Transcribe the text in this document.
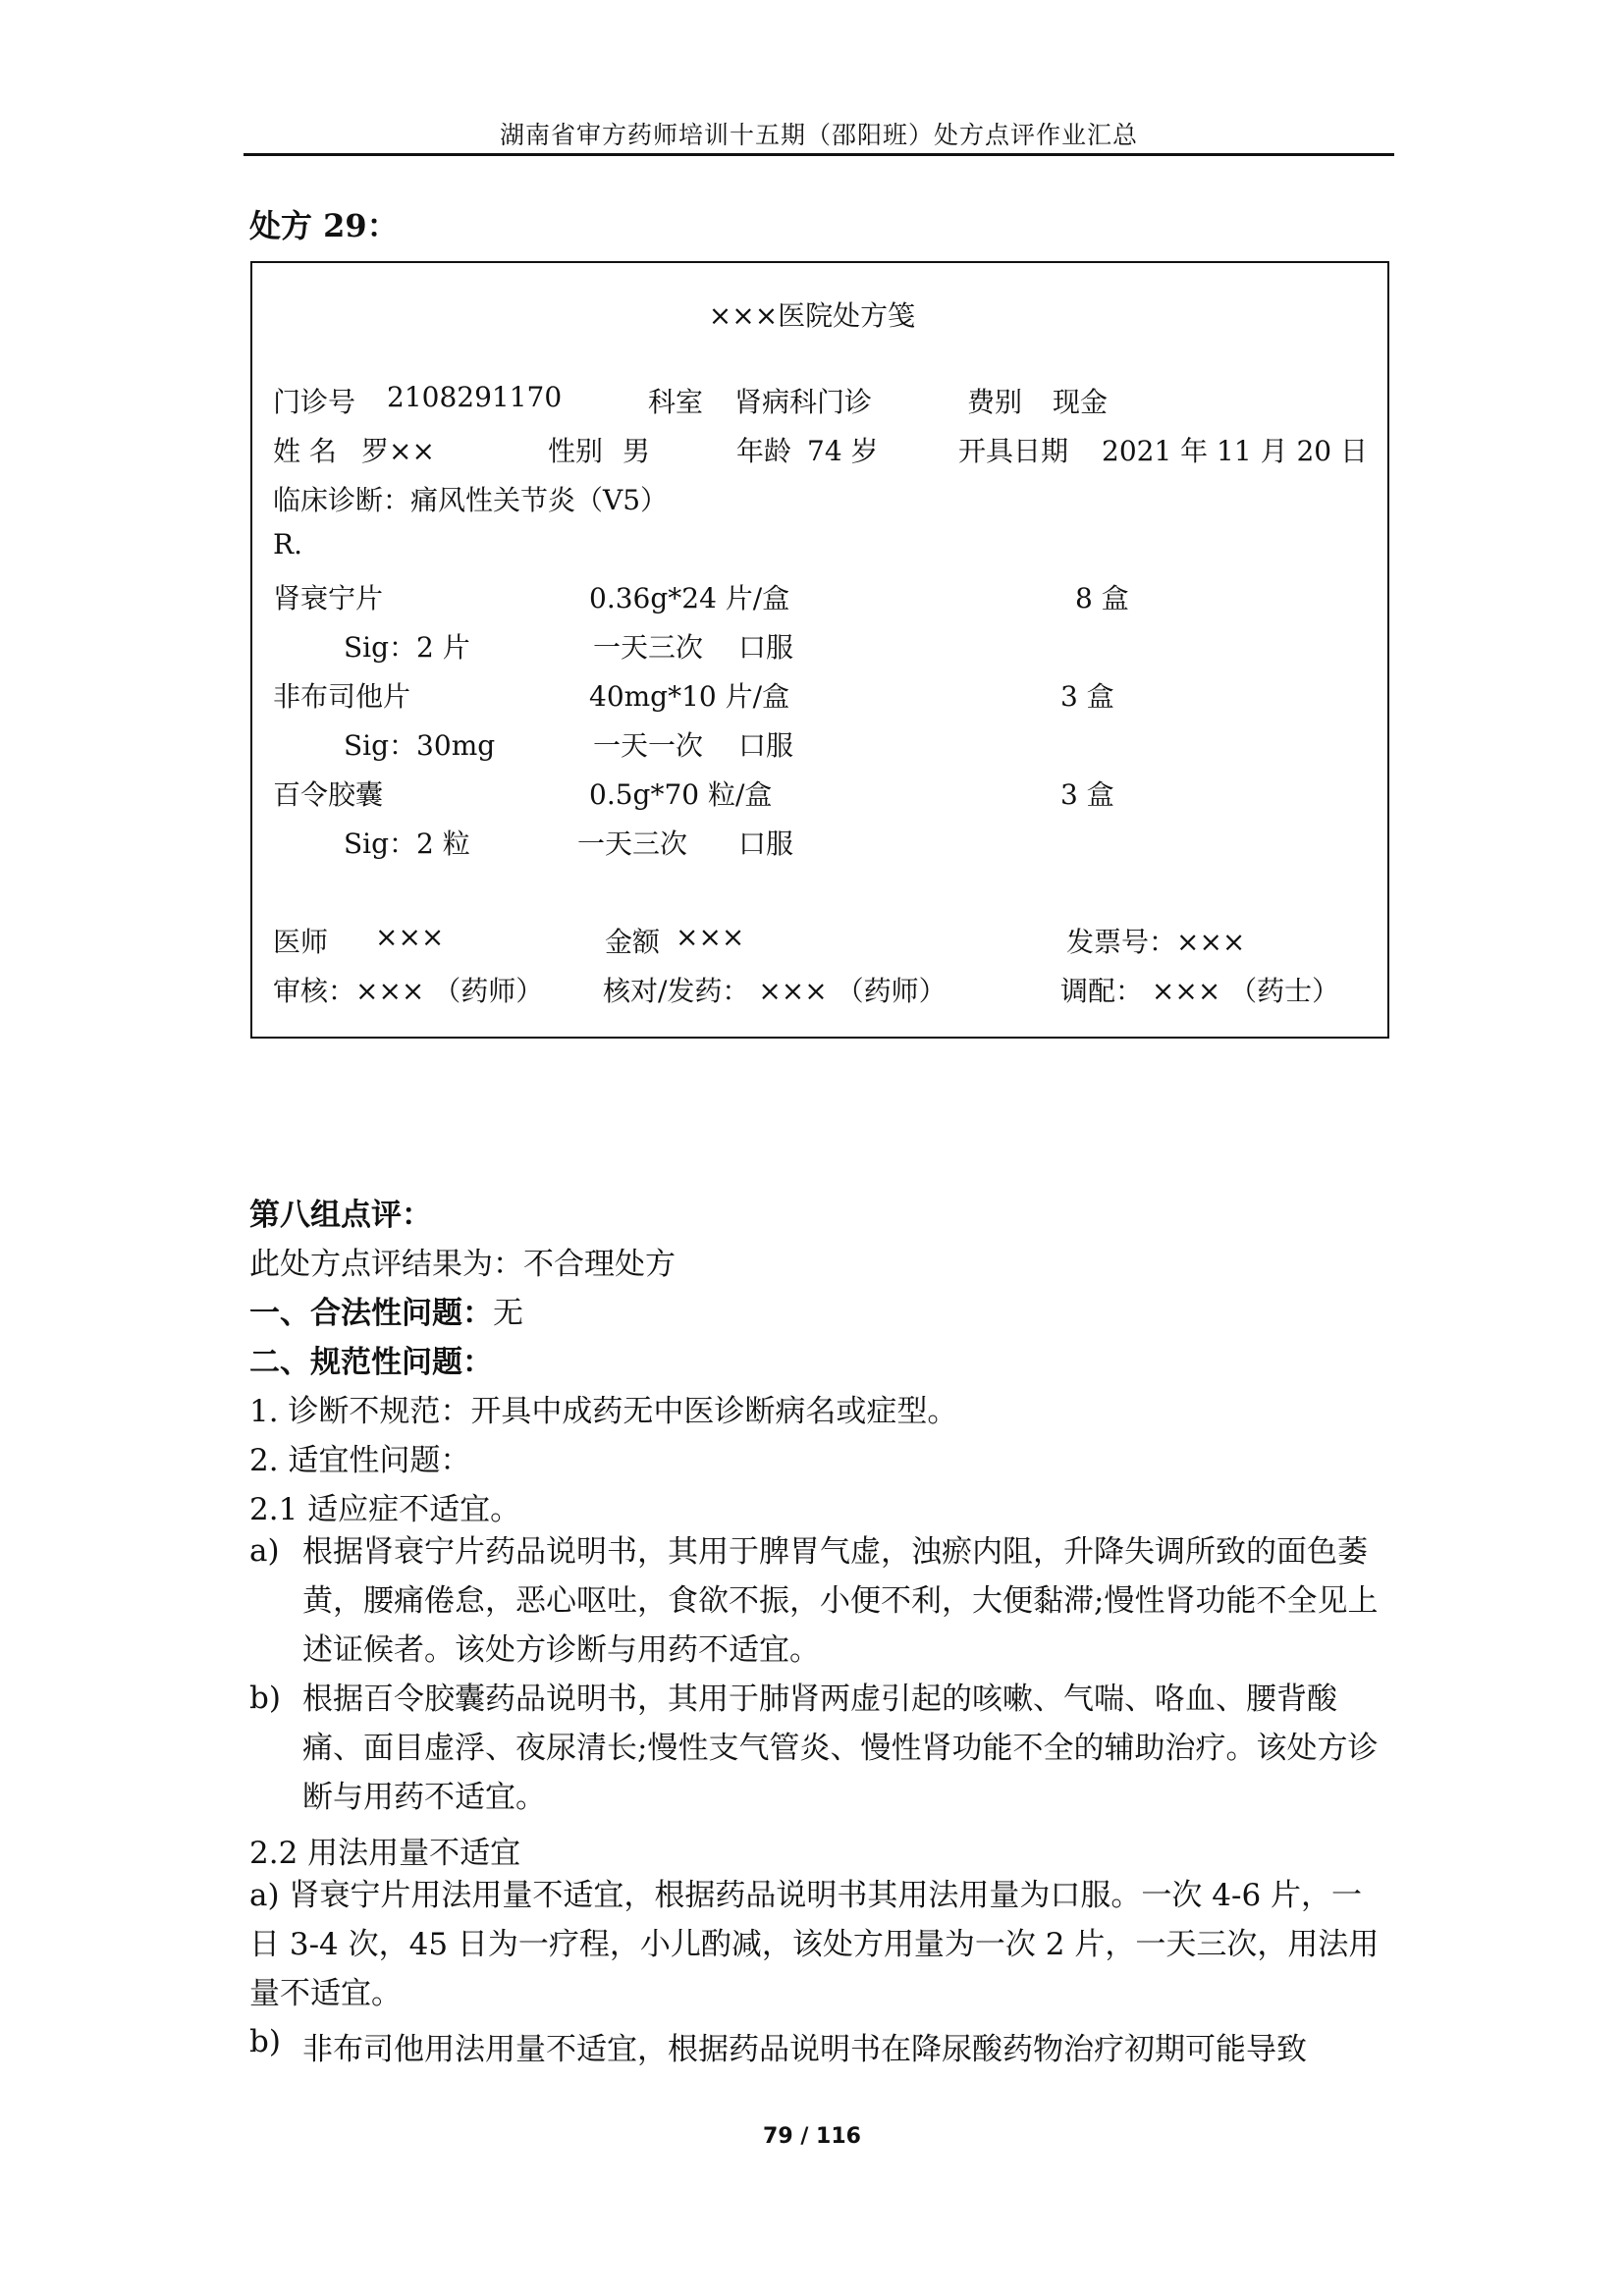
湖南省审方药师培训十五期（邵阳班）处方点评作业汇总
处方 29：
×××医院处方笺
门诊号 2108291170	科室 肾病科门诊	费别 现金
姓 名 罗××	性别 男	年龄 74 岁	开具日期 2021 年 11 月 20 日
临床诊断：痛风性关节炎（V5）
R.
肾衰宁片	0.36g*24 片/盒	8 盒
Sig：2 片	一天三次 口服
非布司他片	40mg*10 片/盒	3 盒
Sig：30mg	一天一次 口服
百令胶囊	0.5g*70 粒/盒	3 盒
Sig：2 粒	一天三次 口服
医师 ×××	金额 ×××	发票号：×××
审核：××× （药师） 核对/发药： ××× （药师）	调配： ××× （药士）
第八组点评：
此处方点评结果为：不合理处方
一、合法性问题：无
二、规范性问题：
1. 诊断不规范：开具中成药无中医诊断病名或症型。
2. 适宜性问题：
2.1 适应症不适宜。
a) 根据肾衰宁片药品说明书，其用于脾胃气虚，浊瘀内阻，升降失调所致的面色萎黄，腰痛倦怠，恶心呕吐，食欲不振，小便不利，大便黏滞;慢性肾功能不全见上述证候者。该处方诊断与用药不适宜。
b) 根据百令胶囊药品说明书，其用于肺肾两虚引起的咳嗽、气喘、咯血、腰背酸痛、面目虚浮、夜尿清长;慢性支气管炎、慢性肾功能不全的辅助治疗。该处方诊断与用药不适宜。
2.2 用法用量不适宜
a) 肾衰宁片用法用量不适宜，根据药品说明书其用法用量为口服。一次 4-6 片，一日 3-4 次，45 日为一疗程，小儿酌减，该处方用量为一次 2 片，一天三次，用法用量不适宜。
b) 非布司他用法用量不适宜，根据药品说明书在降尿酸药物治疗初期可能导致
79 / 116
